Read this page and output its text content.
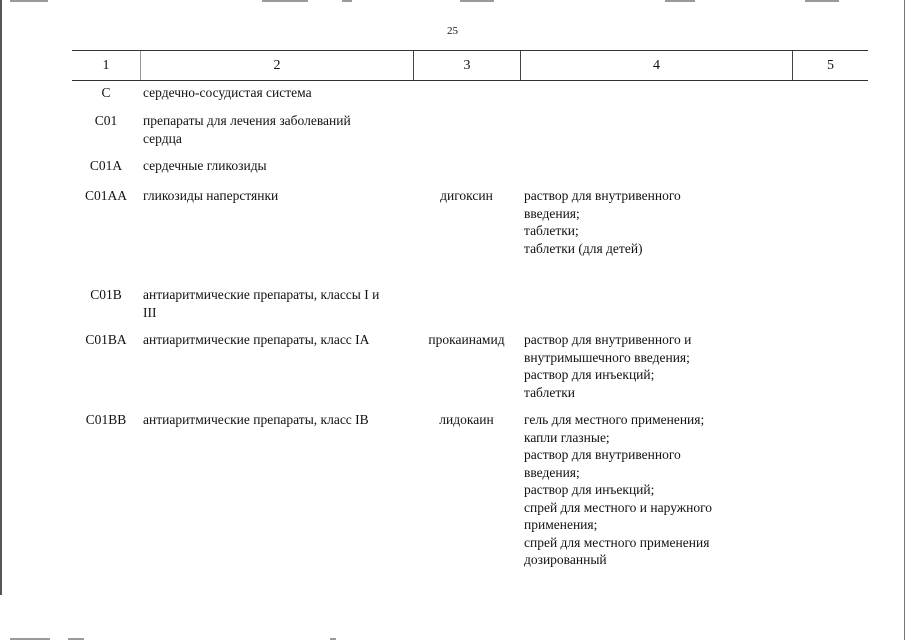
25
1	2	3	4	5
C	сердечно-сосудистая система
C01	препараты для лечения заболеваний
сердца
C01A	сердечные гликозиды
C01AA	гликозиды наперстянки	дигоксин	раствор для внутривенного
введения;
таблетки;
таблетки (для детей)
C01B	антиаритмические препараты, классы I и
III
C01BA	антиаритмические препараты, класс IA	прокаинамид	раствор для внутривенного и
внутримышечного введения;
раствор для инъекций;
таблетки
C01BB	антиаритмические препараты, класс IB	лидокаин	гель для местного применения;
капли глазные;
раствор для внутривенного
введения;
раствор для инъекций;
спрей для местного и наружного
применения;
спрей для местного применения
дозированный
